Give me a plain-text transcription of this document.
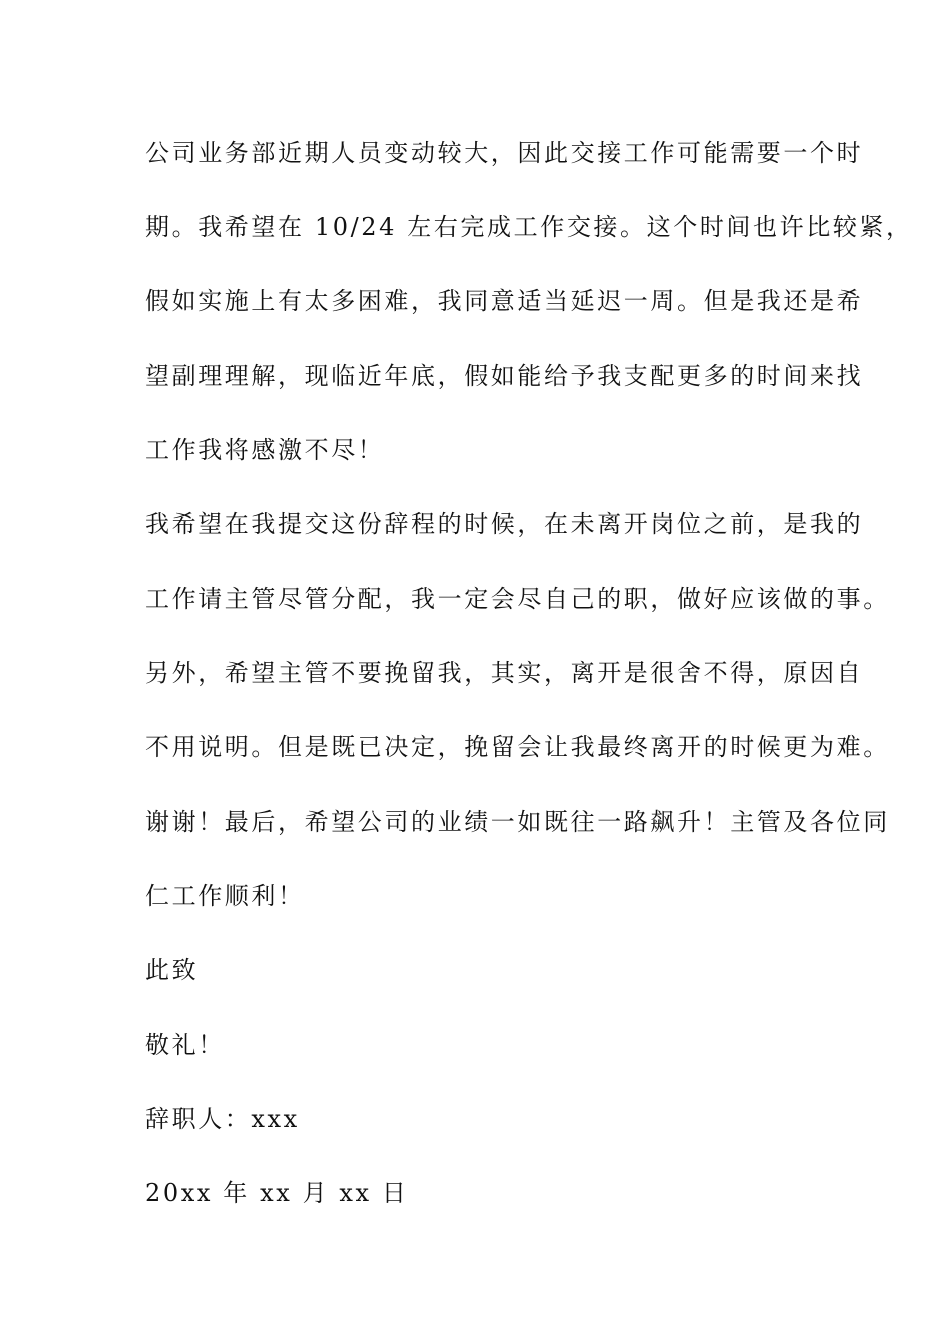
公司业务部近期人员变动较大，因此交接工作可能需要一个时

期。我希望在 10/24 左右完成工作交接。这个时间也许比较紧，

假如实施上有太多困难，我同意适当延迟一周。但是我还是希

望副理理解，现临近年底，假如能给予我支配更多的时间来找

工作我将感激不尽！

我希望在我提交这份辞程的时候，在未离开岗位之前，是我的

工作请主管尽管分配，我一定会尽自己的职，做好应该做的事。

另外，希望主管不要挽留我，其实，离开是很舍不得，原因自

不用说明。但是既已决定，挽留会让我最终离开的时候更为难。

谢谢！最后，希望公司的业绩一如既往一路飙升！主管及各位同

仁工作顺利！

此致

敬礼！

辞职人：xxx

20xx 年 xx 月 xx 日
